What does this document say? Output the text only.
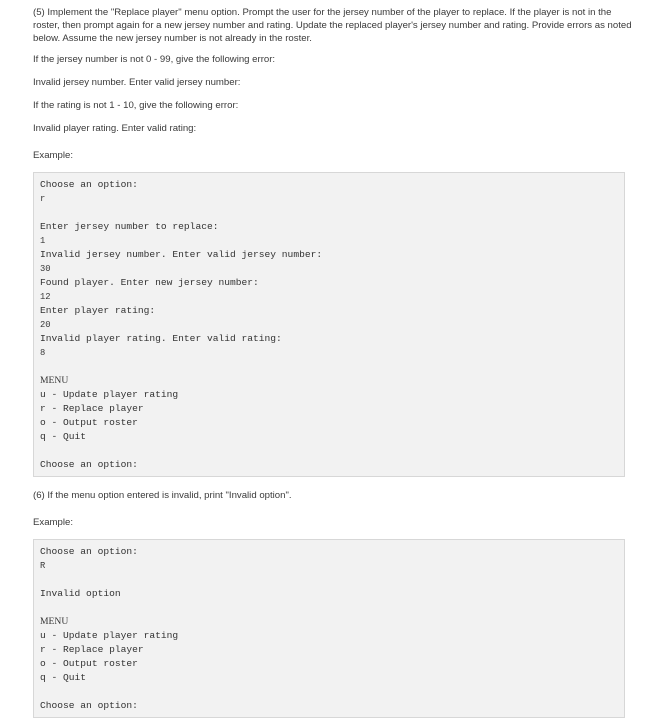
(5) Implement the "Replace player" menu option. Prompt the user for the jersey number of the player to replace. If the player is not in the roster, then prompt again for a new jersey number and rating. Update the replaced player's jersey number and rating. Provide errors as noted below. Assume the new jersey number is not already in the roster.

If the jersey number is not 0 - 99, give the following error:

Invalid jersey number. Enter valid jersey number:

If the rating is not 1 - 10, give the following error:

Invalid player rating. Enter valid rating:

Example:
Choose an option:
r
Enter jersey number to replace:
1
Invalid jersey number. Enter valid jersey number:
30
Found player. Enter new jersey number:
12
Enter player rating:
20
Invalid player rating. Enter valid rating:
8
MENU
u - Update player rating
r - Replace player
o - Output roster
q - Quit
Choose an option:

(6) If the menu option entered is invalid, print "Invalid option".

Example:
Choose an option:
R
Invalid option
MENU
u - Update player rating
r - Replace player
o - Output roster
q - Quit
Choose an option:
